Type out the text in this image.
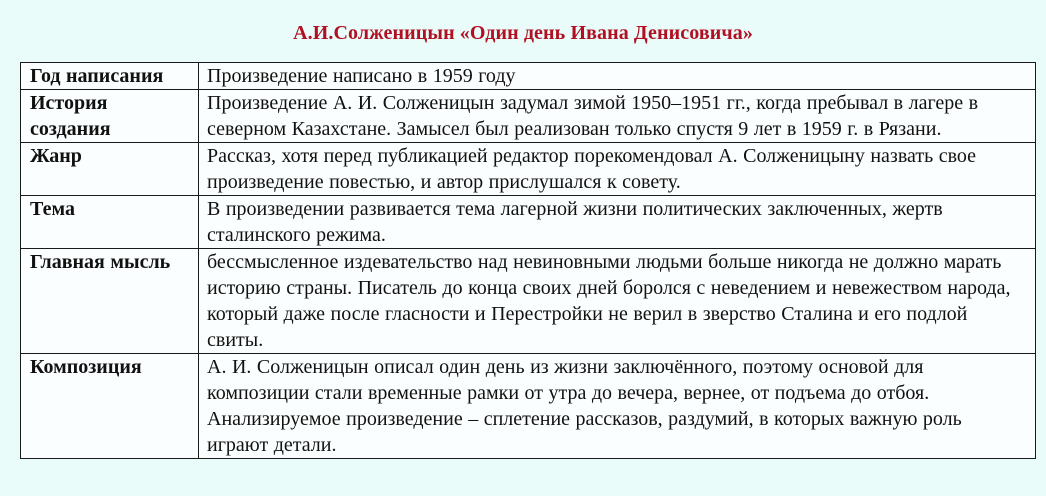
А.И.Солженицын «Один день Ивана Денисовича»
Год написания	Произведение написано в 1959 году
История создания	Произведение А. И. Солженицын задумал зимой 1950–1951 гг., когда пребывал в лагере в северном Казахстане. Замысел был реализован только спустя 9 лет в 1959 г. в Рязани.
Жанр	Рассказ, хотя перед публикацией редактор порекомендовал А. Солженицыну назвать свое произведение повестью, и автор прислушался к совету.
Тема	В произведении развивается тема лагерной жизни политических заключенных, жертв сталинского режима.
Главная мысль	бессмысленное издевательство над невиновными людьми больше никогда не должно марать историю страны. Писатель до конца своих дней боролся с неведением и невежеством народа, который даже после гласности и Перестройки не верил в зверство Сталина и его подлой свиты.
Композиция	А. И. Солженицын описал один день из жизни заключённого, поэтому основой для композиции стали временные рамки от утра до вечера, вернее, от подъема до отбоя. Анализируемое произведение – сплетение рассказов, раздумий, в которых важную роль играют детали.
